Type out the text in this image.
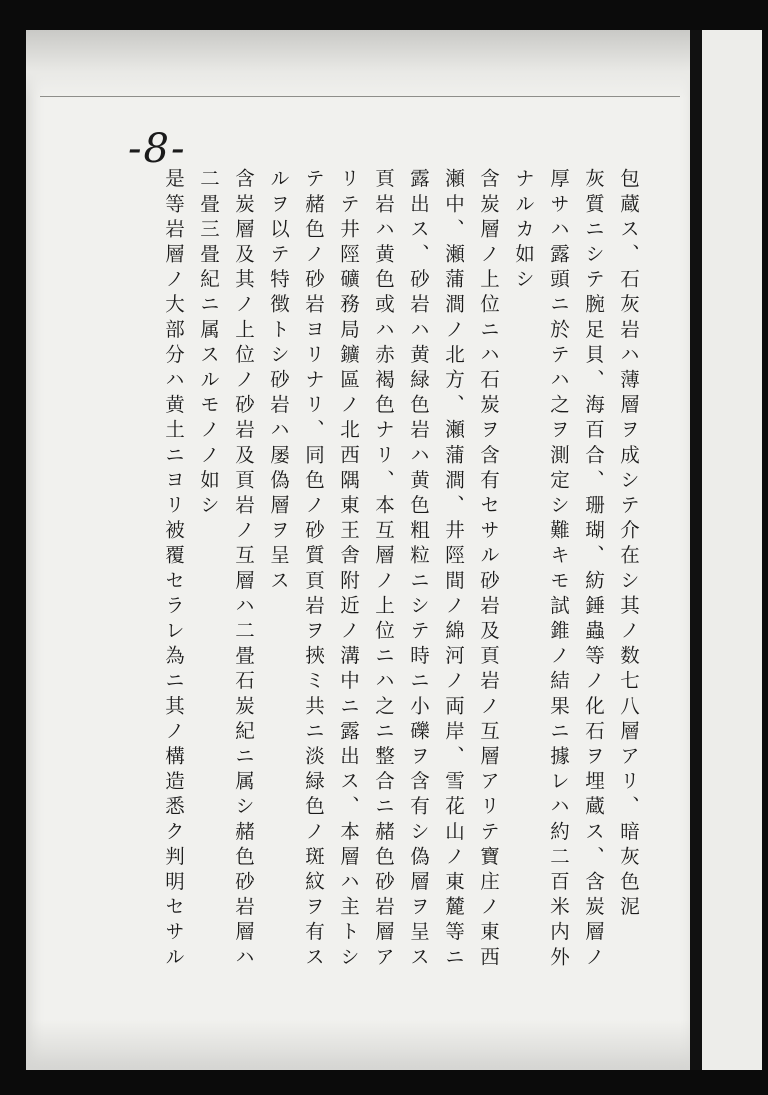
-8-
包蔵ス、石灰岩ハ薄層ヲ成シテ介在シ其ノ数七八層アリ、暗灰色泥
灰質ニシテ腕足貝、海百合、珊瑚、紡錘蟲等ノ化石ヲ埋蔵ス、含炭層ノ
厚サハ露頭ニ於テハ之ヲ測定シ難キモ試錐ノ結果ニ據レハ約二百米内外
ナルカ如シ
含炭層ノ上位ニハ石炭ヲ含有セサル砂岩及頁岩ノ互層アリテ寶庄ノ東西
瀬中、瀬蒲澗ノ北方、瀬蒲澗、井陘間ノ綿河ノ両岸、雪花山ノ東麓等ニ
露出ス、砂岩ハ黄緑色岩ハ黄色粗粒ニシテ時ニ小礫ヲ含有シ偽層ヲ呈ス
頁岩ハ黄色或ハ赤褐色ナリ、本互層ノ上位ニハ之ニ整合ニ赭色砂岩層ア
リテ井陘礦務局鑛區ノ北西隅東王舎附近ノ溝中ニ露出ス、本層ハ主トシ
テ赭色ノ砂岩ヨリナリ、同色ノ砂質頁岩ヲ挾ミ共ニ淡緑色ノ斑紋ヲ有ス
ルヲ以テ特徴トシ砂岩ハ屡偽層ヲ呈ス
含炭層及其ノ上位ノ砂岩及頁岩ノ互層ハ二畳石炭紀ニ属シ赭色砂岩層ハ
二畳三畳紀ニ属スルモノノ如シ
是等岩層ノ大部分ハ黄土ニヨリ被覆セラレ為ニ其ノ構造悉ク判明セサル
